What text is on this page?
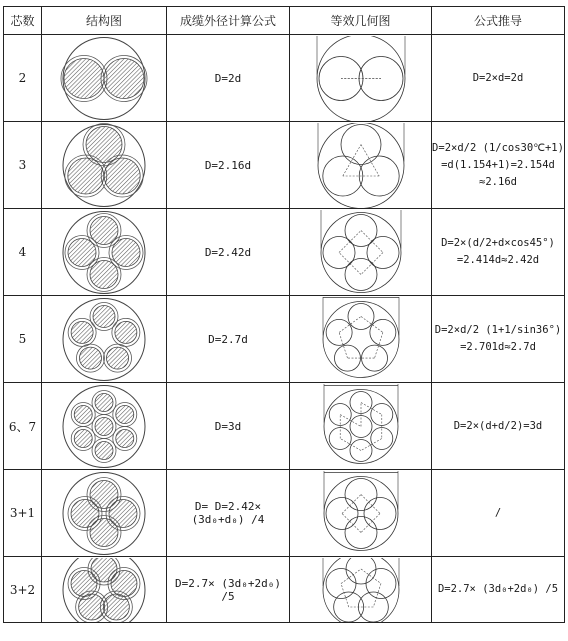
芯数	结构图	成缆外径计算公式	等效几何图	公式推导
2		D=2d		D=2×d=2d

3		D=2.16d		D=2×d/2 (1/cos30℃+1)
=d(1.154+1)=2.154d
≈2.16d

4		D=2.42d		D=2×(d/2+d×cos45°)
=2.414d≈2.42d

5		D=2.7d		D=2×d/2 (1+1/sin36°)
=2.701d≈2.7d

6、7		D=3d		D=2×(d+d/2)=3d

3+1		D= D=2.42× (3d₀+d₀) /4		/

3+2		D=2.7× (3d₀+2d₀) /5		D=2.7× (3d₀+2d₀) /5
